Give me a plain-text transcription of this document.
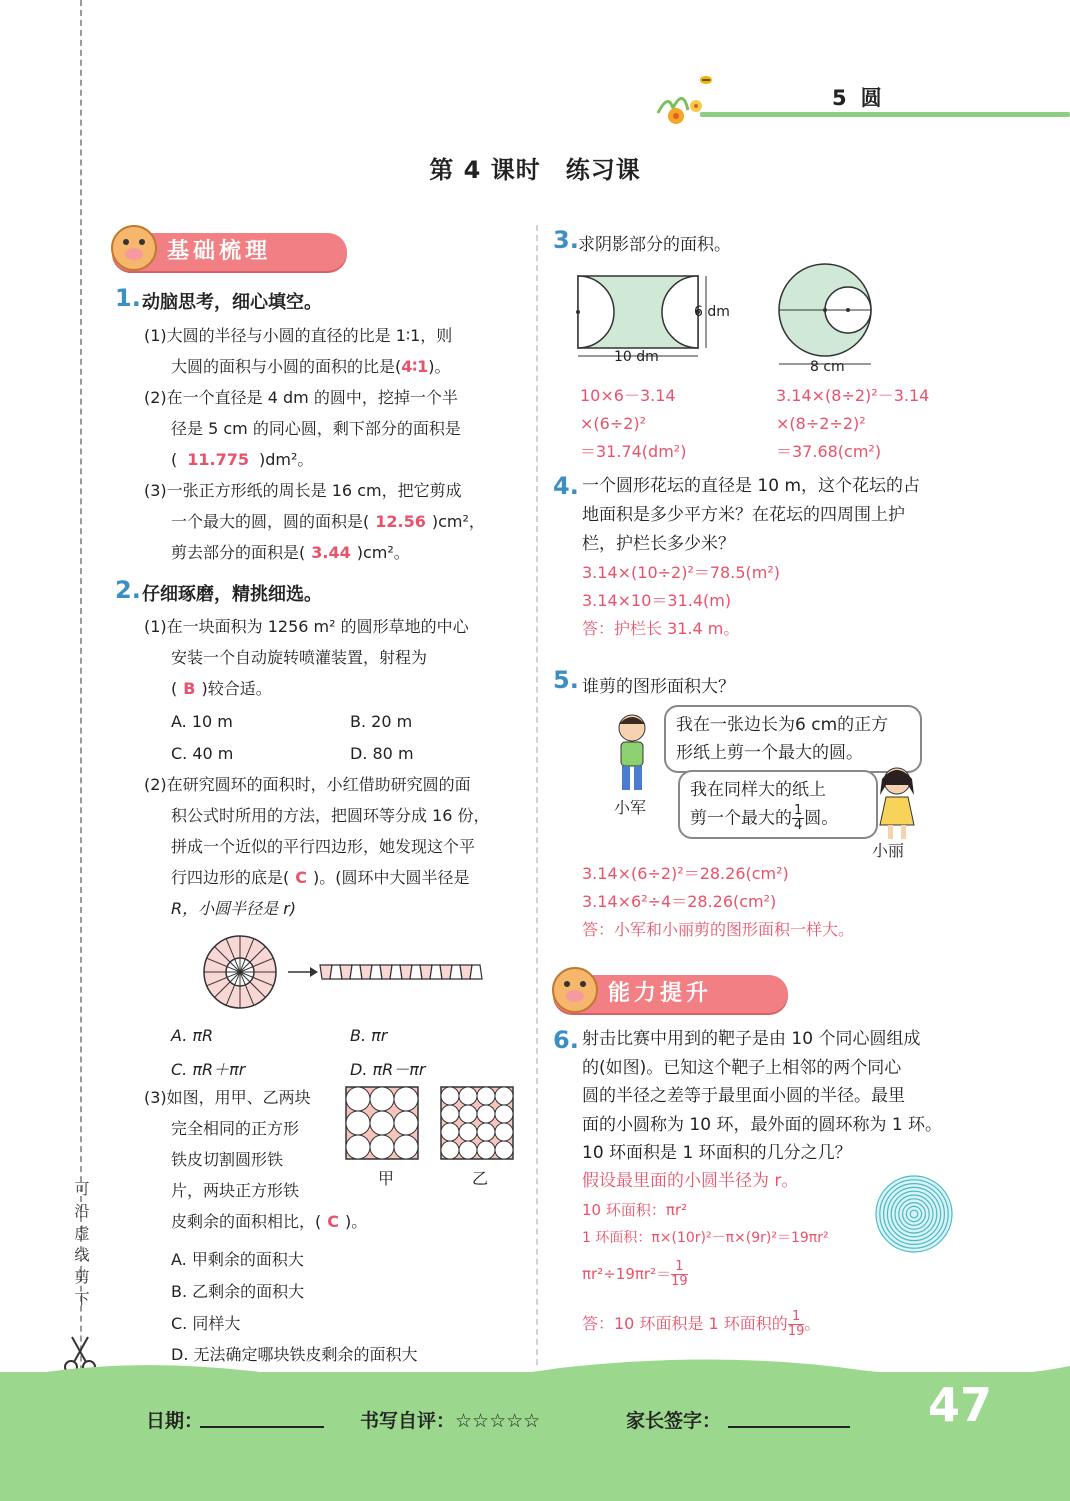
可
沿
虚
线
剪
下
5圆
第 4 课时　练习课
基础梳理
1. 动脑思考，细心填空。
(1)大圆的半径与小圆的直径的比是 1∶1，则
大圆的面积与小圆的面积的比是(4∶1)。
(2)在一个直径是 4 dm 的圆中，挖掉一个半
径是 5 cm 的同心圆，剩下部分的面积是
( 11.775 )dm²。
(3)一张正方形纸的周长是 16 cm，把它剪成
一个最大的圆，圆的面积是( 12.56 )cm²，
剪去部分的面积是( 3.44 )cm²。
2. 仔细琢磨，精挑细选。
(1)在一块面积为 1256 m² 的圆形草地的中心
安装一个自动旋转喷灌装置，射程为
( B )较合适。
A. 10 m	B. 20 m
C. 40 m	D. 80 m
(2)在研究圆环的面积时，小红借助研究圆的面
积公式时所用的方法，把圆环等分成 16 份，
拼成一个近似的平行四边形，她发现这个平
行四边形的底是( C )。(圆环中大圆半径是
R，小圆半径是 r)
A. πR	B. πr
C. πR＋πr	D. πR－πr
(3)如图，用甲、乙两块
完全相同的正方形
铁皮切割圆形铁
片，两块正方形铁
皮剩余的面积相比，( C )。
甲	乙
A. 甲剩余的面积大
B. 乙剩余的面积大
C. 同样大
D. 无法确定哪块铁皮剩余的面积大
3. 求阴影部分的面积。
6 dm
10 dm
8 cm
10×6－3.14
×(6÷2)²
＝31.74(dm²)
3.14×(8÷2)²－3.14
×(8÷2÷2)²
＝37.68(cm²)
4. 一个圆形花坛的直径是 10 m，这个花坛的占
地面积是多少平方米？在花坛的四周围上护
栏，护栏长多少米？
3.14×(10÷2)²＝78.5(m²)
3.14×10＝31.4(m)
答：护栏长 31.4 m。
5. 谁剪的图形面积大？
小军
我在一张边长为6 cm的正方
形纸上剪一个最大的圆。
我在同样大的纸上
剪一个最大的 $\frac{1}{4}$ 圆。
小丽
3.14×(6÷2)²＝28.26(cm²)
3.14×6²÷4＝28.26(cm²)
答：小军和小丽剪的图形面积一样大。
能力提升
6. 射击比赛中用到的靶子是由 10 个同心圆组成
的(如图)。已知这个靶子上相邻的两个同心
圆的半径之差等于最里面小圆的半径。最里
面的小圆称为 10 环，最外面的圆环称为 1 环。
10 环面积是 1 环面积的几分之几？
假设最里面的小圆半径为 r。
10 环面积：πr²
1 环面积：π×(10r)²－π×(9r)²＝19πr²
$\pi r^2\div 19\pi r^2= \frac{1}{19}$
答：10 环面积是 1 环面积的 $\frac{1}{19}$ 。
日期：	书写自评：☆☆☆☆☆	家长签字：	47
